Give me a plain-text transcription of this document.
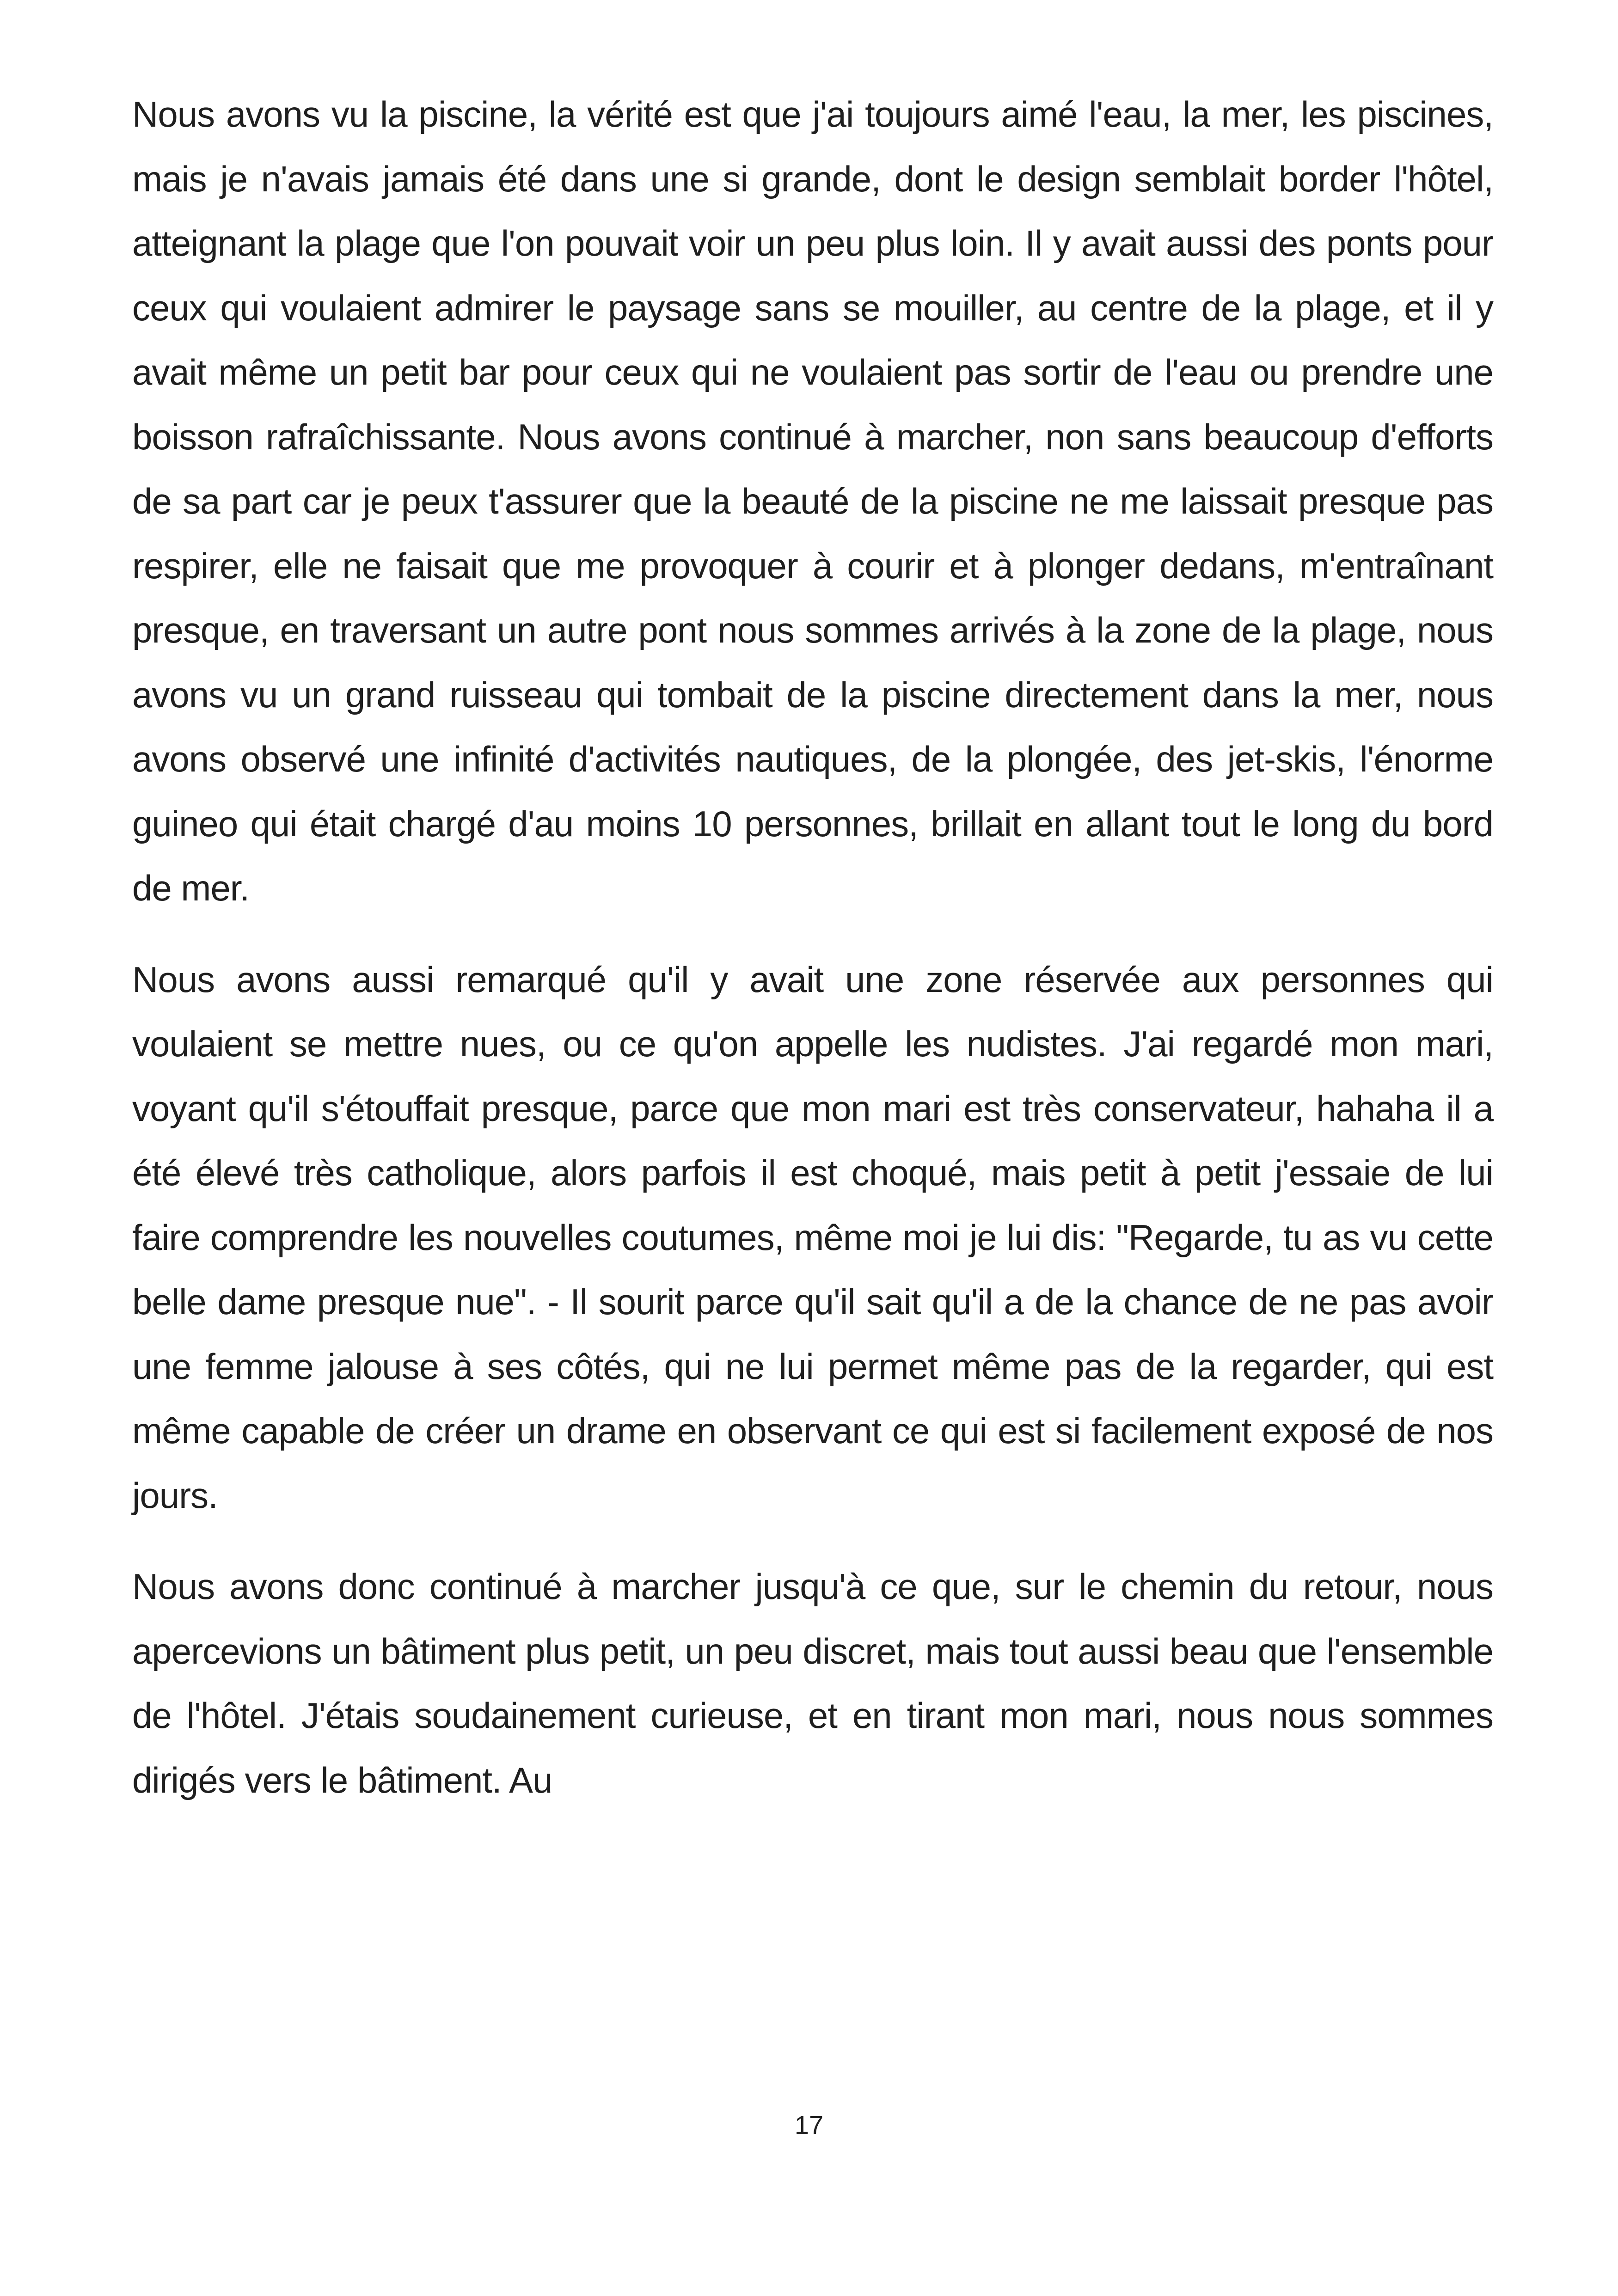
Nous avons vu la piscine, la vérité est que j'ai toujours aimé l'eau, la mer, les piscines, mais je n'avais jamais été dans une si grande, dont le design semblait border l'hôtel, atteignant la plage que l'on pouvait voir un peu plus loin. Il y avait aussi des ponts pour ceux qui voulaient admirer le paysage sans se mouiller, au centre de la plage, et il y avait même un petit bar pour ceux qui ne voulaient pas sortir de l'eau ou prendre une boisson rafraîchissante. Nous avons continué à marcher, non sans beaucoup d'efforts de sa part car je peux t'assurer que la beauté de la piscine ne me laissait presque pas respirer, elle ne faisait que me provoquer à courir et à plonger dedans, m'entraînant presque, en traversant un autre pont nous sommes arrivés à la zone de la plage, nous avons vu un grand ruisseau qui tombait de la piscine directement dans la mer, nous avons observé une infinité d'activités nautiques, de la plongée, des jet-skis, l'énorme guineo qui était chargé d'au moins 10 personnes, brillait en allant tout le long du bord de mer.

Nous avons aussi remarqué qu'il y avait une zone réservée aux personnes qui voulaient se mettre nues, ou ce qu'on appelle les nudistes. J'ai regardé mon mari, voyant qu'il s'étouffait presque, parce que mon mari est très conservateur, hahaha il a été élevé très catholique, alors parfois il est choqué, mais petit à petit j'essaie de lui faire comprendre les nouvelles coutumes, même moi je lui dis: "Regarde, tu as vu cette belle dame presque nue". - Il sourit parce qu'il sait qu'il a de la chance de ne pas avoir une femme jalouse à ses côtés, qui ne lui permet même pas de la regarder, qui est même capable de créer un drame en observant ce qui est si facilement exposé de nos jours.

Nous avons donc continué à marcher jusqu'à ce que, sur le chemin du retour, nous apercevions un bâtiment plus petit, un peu discret, mais tout aussi beau que l'ensemble de l'hôtel. J'étais soudainement curieuse, et en tirant mon mari, nous nous sommes dirigés vers le bâtiment. Au

17
